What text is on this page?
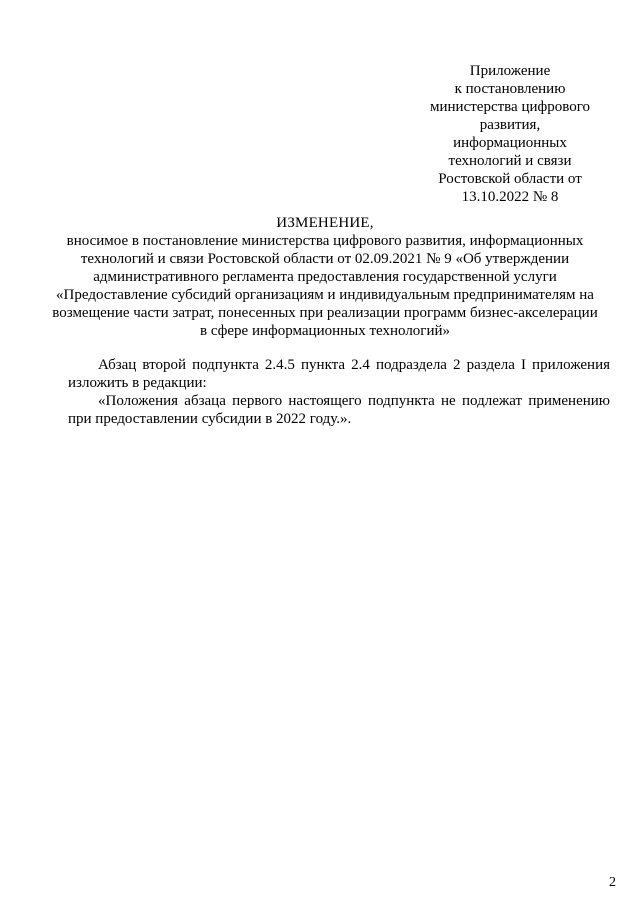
Приложение
к постановлению
министерства цифрового
развития,
информационных
технологий и связи
Ростовской области от
13.10.2022 № 8
ИЗМЕНЕНИЕ,
вносимое в постановление министерства цифрового развития, информационных
технологий и связи Ростовской области от 02.09.2021 № 9 «Об утверждении
административного регламента предоставления государственной услуги
«Предоставление субсидий организациям и индивидуальным предпринимателям на
возмещение части затрат, понесенных при реализации программ бизнес-акселерации
в сфере информационных технологий»

Абзац второй подпункта 2.4.5 пункта 2.4 подраздела 2 раздела I приложения изложить в редакции:

«Положения абзаца первого настоящего подпункта не подлежат применению при предоставлении субсидии в 2022 году.».

2
